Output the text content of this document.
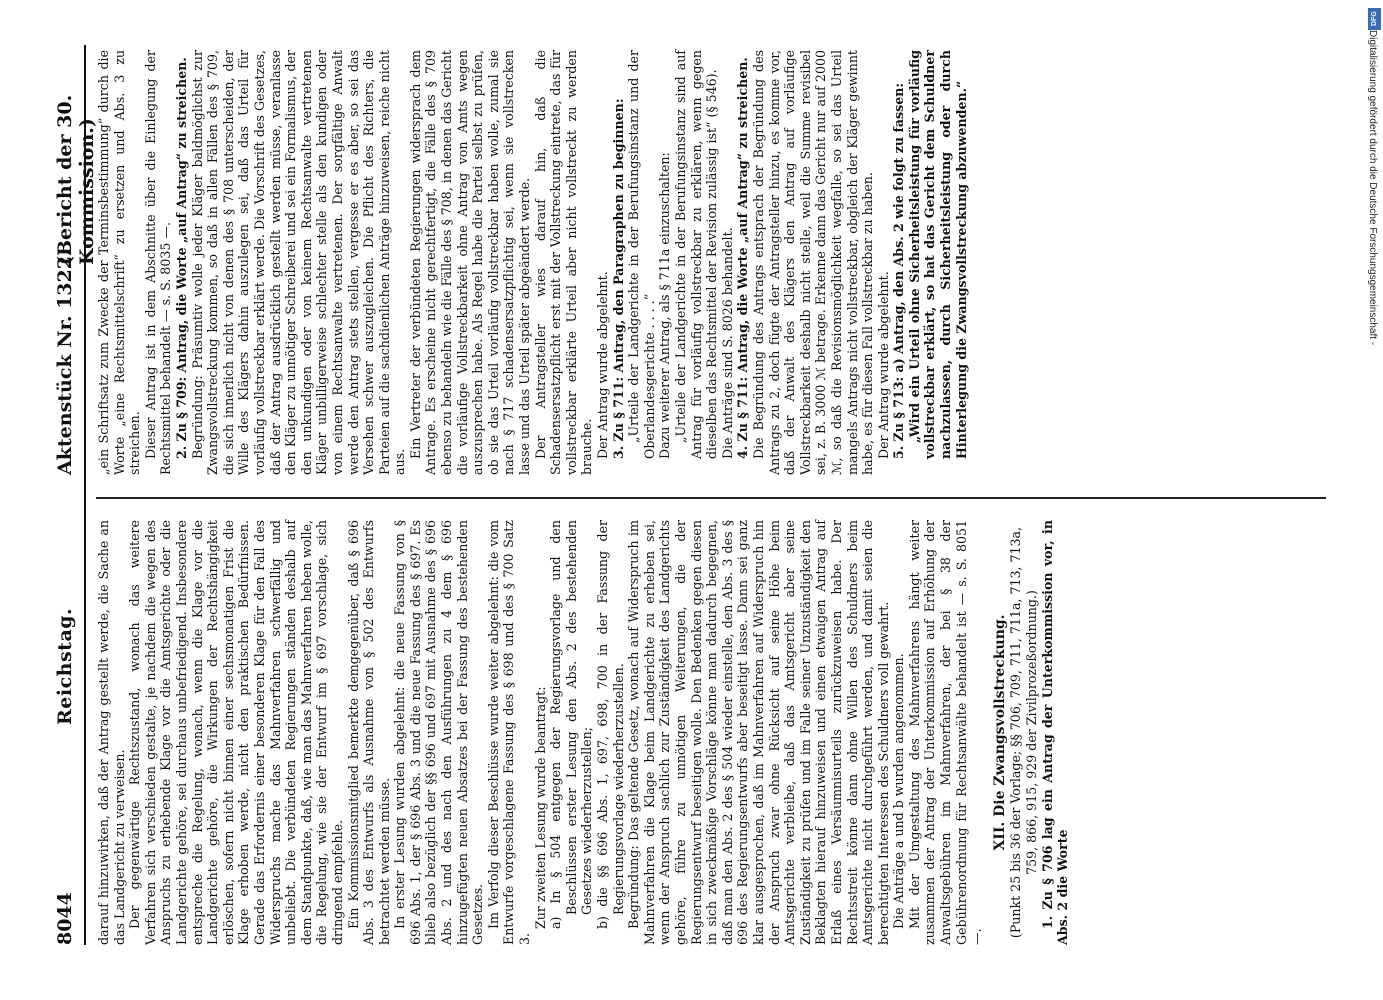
8044
Reichstag.
Aktenstück Nr. 1322.
(Bericht der 30. Kommission.)

darauf hinzuwirken, daß der Antrag gestellt werde, die Sache an das Landgericht zu verweisen. Der gegenwärtige Rechtszustand, wonach das weitere Verfahren sich verschieden gestalte, je nachdem die wegen des Anspruchs zu erhebende Klage vor die Amtsgerichte oder die Landgerichte gehöre, sei durchaus unbefriedigend. Insbesondere entspreche die Regelung, wonach, wenn die Klage vor die Landgerichte gehöre, die Wirkungen der Rechtshängigkeit erlöschen, sofern nicht binnen einer sechsmonatigen Frist die Klage erhoben werde, nicht den praktischen Bedürfnissen. Gerade das Erfordernis einer besonderen Klage für den Fall des Widerspruchs mache das Mahnverfahren schwerfällig und unbeliebt. Die verbündeten Regierungen ständen deshalb auf dem Standpunkte, daß, wie man das Mahnverfahren heben wolle, die Regelung, wie sie der Entwurf im § 697 vorschlage, sich dringend empfehle. Ein Kommissionsmitglied bemerkte demgegenüber, daß § 696 Abs. 3 des Entwurfs als Ausnahme von § 502 des Entwurfs betrachtet werden müsse. In erster Lesung wurden abgelehnt: die neue Fassung von § 696 Abs. 1, der § 696 Abs. 3 und die neue Fassung des § 697. Es blieb also bezüglich der §§ 696 und 697 mit Ausnahme des § 696 Abs. 2 und des nach den Ausführungen zu 4 dem § 696 hinzugefügten neuen Absatzes bei der Fassung des bestehenden Gesetzes. Im Verfolg dieser Beschlüsse wurde weiter abgelehnt: die vom Entwurfe vorgeschlagene Fassung des § 698 und des § 700 Satz 3.

Zur zweiten Lesung wurde beantragt: a) In § 504 entgegen der Regierungsvorlage und den Beschlüssen erster Lesung den Abs. 2 des bestehenden Gesetzes wiederherzustellen; b) die §§ 696 Abs. 1, 697, 698, 700 in der Fassung der Regierungsvorlage wiederherzustellen. Begründung: Das geltende Gesetz, wonach auf Widerspruch im Mahnverfahren die Klage beim Landgerichte zu erheben sei, wenn der Anspruch sachlich zur Zuständigkeit des Landgerichts gehöre, führe zu unnötigen Weiterungen, die der Regierungsentwurf beseitigen wolle. Den Bedenken gegen diesen in sich zweckmäßige Vorschläge könne man dadurch begegnen, daß man den Abs. 2 des § 504 wieder einstelle, den Abs. 3 des § 696 des Regierungsentwurfs aber beseitigt lasse. Dann sei ganz klar ausgesprochen, daß im Mahnverfahren auf Widerspruch hin der Anspruch zwar ohne Rücksicht auf seine Höhe beim Amtsgerichte verbleibe, daß das Amtsgericht aber seine Zuständigkeit zu prüfen und im Falle seiner Unzuständigkeit den Beklagten hierauf hinzuweisen und einen etwaigen Antrag auf Erlaß eines Versäumnisurteils zurückzuweisen habe. Der Rechtsstreit könne dann ohne Willen des Schuldners beim Amtsgerichte nicht durchgeführt werden, und damit seien die berechtigten Interessen des Schuldners voll gewahrt. Die Anträge a und b wurden angenommen. Mit der Umgestaltung des Mahnverfahrens hängt weiter zusammen der Antrag der Unterkommission auf Erhöhung der Anwaltsgebühren im Mahnverfahren, der bei § 38 der Gebührenordnung für Rechtsanwälte behandelt ist — s. S. 8051 —.

XII. Die Zwangsvollstreckung. (Punkt 25 bis 36 der Vorlage; §§ 706, 709, 711, 711a, 713, 713a, 759, 866, 915, 929 der Zivilprozeßordnung.) 1. Zu § 706 lag ein Antrag der Unterkommission vor, in Abs. 2 die Worte

„ein Schriftsatz zum Zwecke der Terminsbestimmung“ durch die Worte „eine Rechtsmittelschrift“ zu ersetzen und Abs. 3 zu streichen. Dieser Antrag ist in dem Abschnitte über die Einlegung der Rechtsmittel behandelt — s. S. 8035 —. 2. Zu § 709: Antrag, die Worte „auf Antrag“ zu streichen. Begründung: Präsumtiv wolle jeder Kläger baldmöglichst zur Zwangsvollstreckung kommen, so daß in allen Fällen des § 709, die sich innerlich nicht von denen des § 708 unterscheiden, der Wille des Klägers dahin auszulegen sei, daß das Urteil für vorläufig vollstreckbar erklärt werde. Die Vorschrift des Gesetzes, daß der Antrag ausdrücklich gestellt werden müsse, veranlasse den Kläger zu unnötiger Schreiberei und sei ein Formalismus, der den unkundigen oder von keinem Rechtsanwalte vertretenen Kläger unbilligerweise schlechter stelle als den kundigen oder von einem Rechtsanwalte vertretenen. Der sorgfältige Anwalt werde den Antrag stets stellen, vergesse er es aber, so sei das Versehen schwer auszugleichen. Die Pflicht des Richters, die Parteien auf die sachdienlichen Anträge hinzuweisen, reiche nicht aus.

Ein Vertreter der verbündeten Regierungen widersprach dem Antrage. Es erscheine nicht gerechtfertigt, die Fälle des § 709 ebenso zu behandeln wie die Fälle des § 708, in denen das Gericht die vorläufige Vollstreckbarkeit ohne Antrag von Amts wegen auszusprechen habe. Als Regel habe die Partei selbst zu prüfen, ob sie das Urteil vorläufig vollstreckbar haben wolle, zumal sie nach § 717 schadensersatzpflichtig sei, wenn sie vollstrecken lasse und das Urteil später abgeändert werde. Der Antragsteller wies darauf hin, daß die Schadensersatzpflicht erst mit der Vollstreckung eintrete, das für vollstreckbar erklärte Urteil aber nicht vollstreckt zu werden brauche. Der Antrag wurde abgelehnt. 3. Zu § 711: Antrag, den Paragraphen zu beginnen: „Urteile der Landgerichte in der Berufungsinstanz und der Oberlandesgerichte . . . .“ Dazu weiterer Antrag, als § 711a einzuschalten: „Urteile der Landgerichte in der Berufungsinstanz sind auf Antrag für vorläufig vollstreckbar zu erklären, wenn gegen dieselben das Rechtsmittel der Revision zulässig ist“ (§ 546). Die Anträge sind S. 8026 behandelt. 4. Zu § 711: Antrag, die Worte „auf Antrag“ zu streichen. Die Begründung des Antrags entsprach der Begründung des Antrags zu 2, doch fügte der Antragsteller hinzu, es komme vor, daß der Anwalt des Klägers den Antrag auf vorläufige Vollstreckbarkeit deshalb nicht stelle, weil die Summe revisibel sei, z. B. 3000 ℳ betrage. Erkenne dann das Gericht nur auf 2000 ℳ, so daß die Revisionsmöglichkeit wegfalle, so sei das Urteil mangels Antrags nicht vollstreckbar, obgleich der Kläger gewinnt habe, es für diesen Fall vollstreckbar zu haben. Der Antrag wurde abgelehnt. 5. Zu § 713: a) Antrag, den Abs. 2 wie folgt zu fassen: „Wird ein Urteil ohne Sicherheitsleistung für vorläufig vollstreckbar erklärt, so hat das Gericht dem Schuldner nachzulassen, durch Sicherheitsleistung oder durch Hinterlegung die Zwangsvollstreckung abzuwenden.“

DFG
Digitalisierung gefördert durch die Deutsche Forschungsgemeinschaft -
